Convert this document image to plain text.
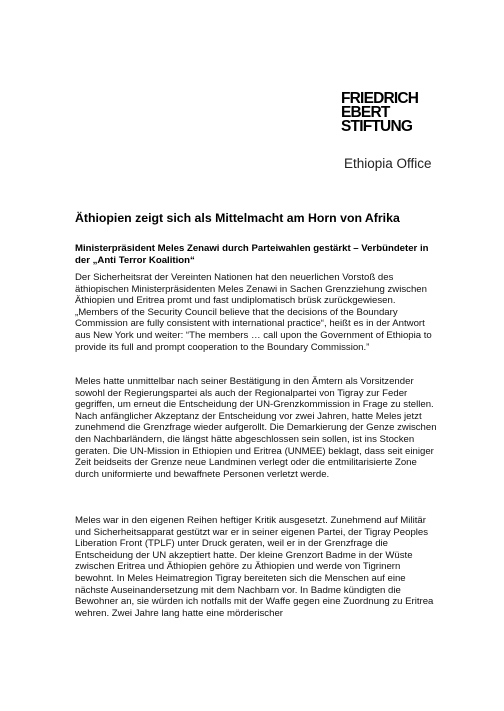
FRIEDRICH
EBERT
STIFTUNG
Ethiopia Office
Äthiopien zeigt sich als Mittelmacht am Horn von Afrika
Ministerpräsident Meles Zenawi durch Parteiwahlen gestärkt – Verbündeter in der „Anti Terror Koalition“
Der Sicherheitsrat der Vereinten Nationen hat den neuerlichen Vorstoß des äthiopischen Ministerpräsidenten Meles Zenawi in Sachen Grenzziehung zwischen Äthiopien und Eritrea promt und fast undiplomatisch brüsk zurückgewiesen. „Members of the Security Council believe that the decisions of the Boundary Commission are fully consistent with international practice“, heißt es in der Antwort aus New York und weiter: “The members … call upon the Government of Ethiopia to provide its full and prompt cooperation to the Boundary Commission.”
Meles hatte unmittelbar nach seiner Bestätigung in den Ämtern als Vorsitzender sowohl der Regierungspartei als auch der Regionalpartei von Tigray zur Feder gegriffen, um erneut die Entscheidung der UN-Grenzkommission in Frage zu stellen. Nach anfänglicher Akzeptanz der Entscheidung vor zwei Jahren, hatte Meles jetzt zunehmend die Grenzfrage wieder aufgerollt. Die Demarkierung der Genze zwischen den Nachbarländern, die längst hätte abgeschlossen sein sollen, ist ins Stocken geraten. Die UN-Mission in Ethiopien und Eritrea (UNMEE) beklagt, dass seit einiger Zeit beidseits der Grenze neue Landminen verlegt oder die entmilitarisierte Zone durch uniformierte und bewaffnete Personen verletzt werde.
Meles war in den eigenen Reihen heftiger Kritik ausgesetzt. Zunehmend auf Militär und Sicherheitsapparat gestützt war er in seiner eigenen Partei, der Tigray Peoples Liberation Front (TPLF) unter Druck geraten, weil er in der Grenzfrage die Entscheidung der UN akzeptiert hatte. Der kleine Grenzort Badme in der Wüste zwischen Eritrea und Äthiopien gehöre zu Äthiopien und werde von Tigrinern bewohnt. In Meles Heimatregion Tigray bereiteten sich die Menschen auf eine nächste Auseinandersetzung mit dem Nachbarn vor. In Badme kündigten die Bewohner an, sie würden ich notfalls mit der Waffe gegen eine Zuordnung zu Eritrea wehren. Zwei Jahre lang hatte eine mörderischer
